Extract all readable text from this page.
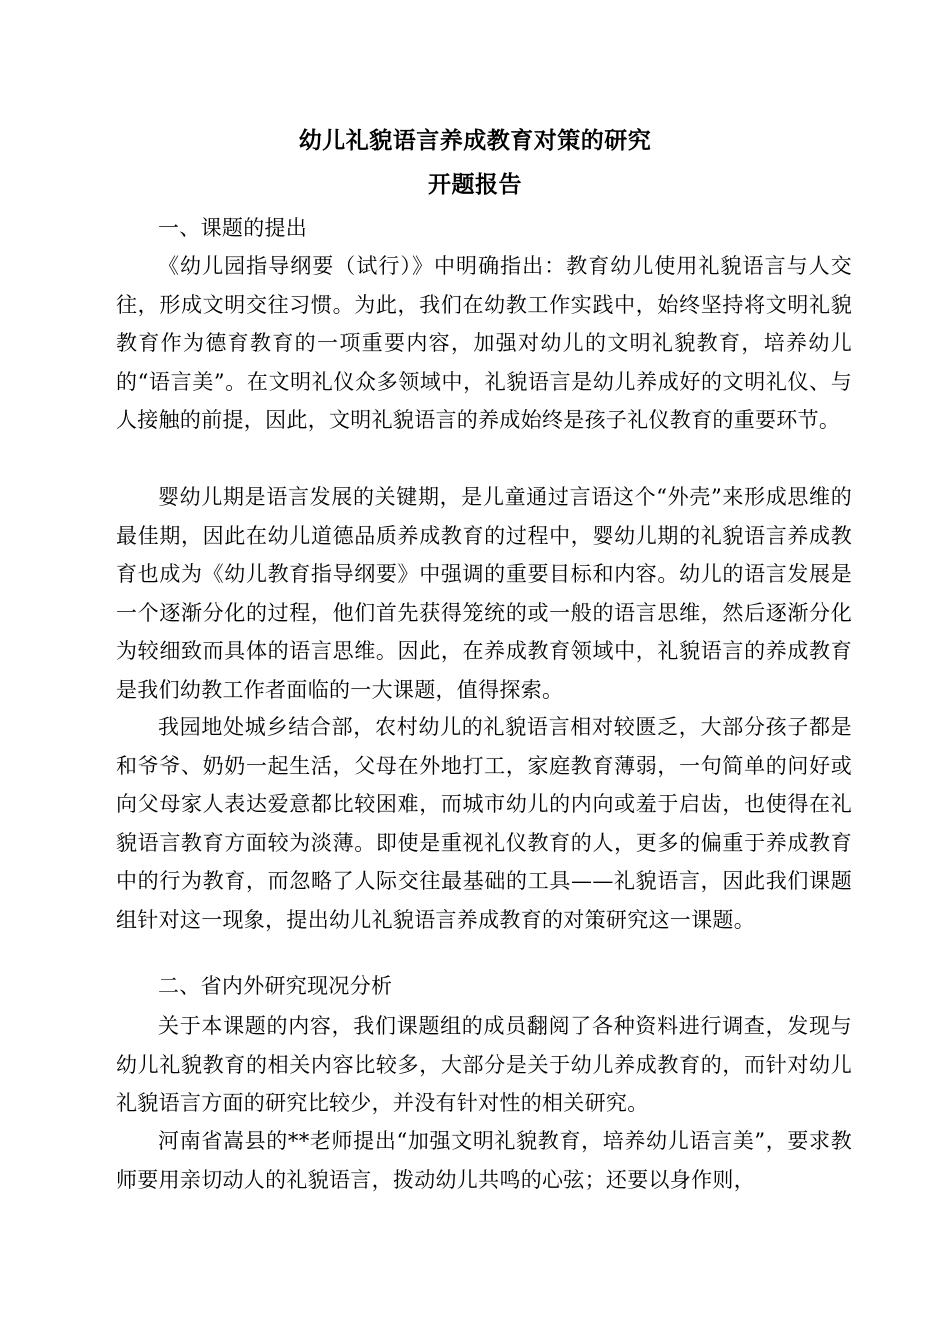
幼儿礼貌语言养成教育对策的研究
开题报告
一、课题的提出
《幼儿园指导纲要（试行）》中明确指出：教育幼儿使用礼貌语言与人交往，形成文明交往习惯。为此，我们在幼教工作实践中，始终坚持将文明礼貌教育作为德育教育的一项重要内容，加强对幼儿的文明礼貌教育，培养幼儿的“语言美”。在文明礼仪众多领域中，礼貌语言是幼儿养成好的文明礼仪、与人接触的前提，因此，文明礼貌语言的养成始终是孩子礼仪教育的重要环节。
婴幼儿期是语言发展的关键期，是儿童通过言语这个“外壳”来形成思维的最佳期，因此在幼儿道德品质养成教育的过程中，婴幼儿期的礼貌语言养成教育也成为《幼儿教育指导纲要》中强调的重要目标和内容。幼儿的语言发展是一个逐渐分化的过程，他们首先获得笼统的或一般的语言思维，然后逐渐分化为较细致而具体的语言思维。因此，在养成教育领域中，礼貌语言的养成教育是我们幼教工作者面临的一大课题，值得探索。
我园地处城乡结合部，农村幼儿的礼貌语言相对较匮乏，大部分孩子都是和爷爷、奶奶一起生活，父母在外地打工，家庭教育薄弱，一句简单的问好或向父母家人表达爱意都比较困难，而城市幼儿的内向或羞于启齿，也使得在礼貌语言教育方面较为淡薄。即使是重视礼仪教育的人，更多的偏重于养成教育中的行为教育，而忽略了人际交往最基础的工具——礼貌语言，因此我们课题组针对这一现象，提出幼儿礼貌语言养成教育的对策研究这一课题。
二、省内外研究现况分析
关于本课题的内容，我们课题组的成员翻阅了各种资料进行调查，发现与幼儿礼貌教育的相关内容比较多，大部分是关于幼儿养成教育的，而针对幼儿礼貌语言方面的研究比较少，并没有针对性的相关研究。
河南省嵩县的**老师提出“加强文明礼貌教育，培养幼儿语言美”，要求教师要用亲切动人的礼貌语言，拨动幼儿共鸣的心弦；还要以身作则，
